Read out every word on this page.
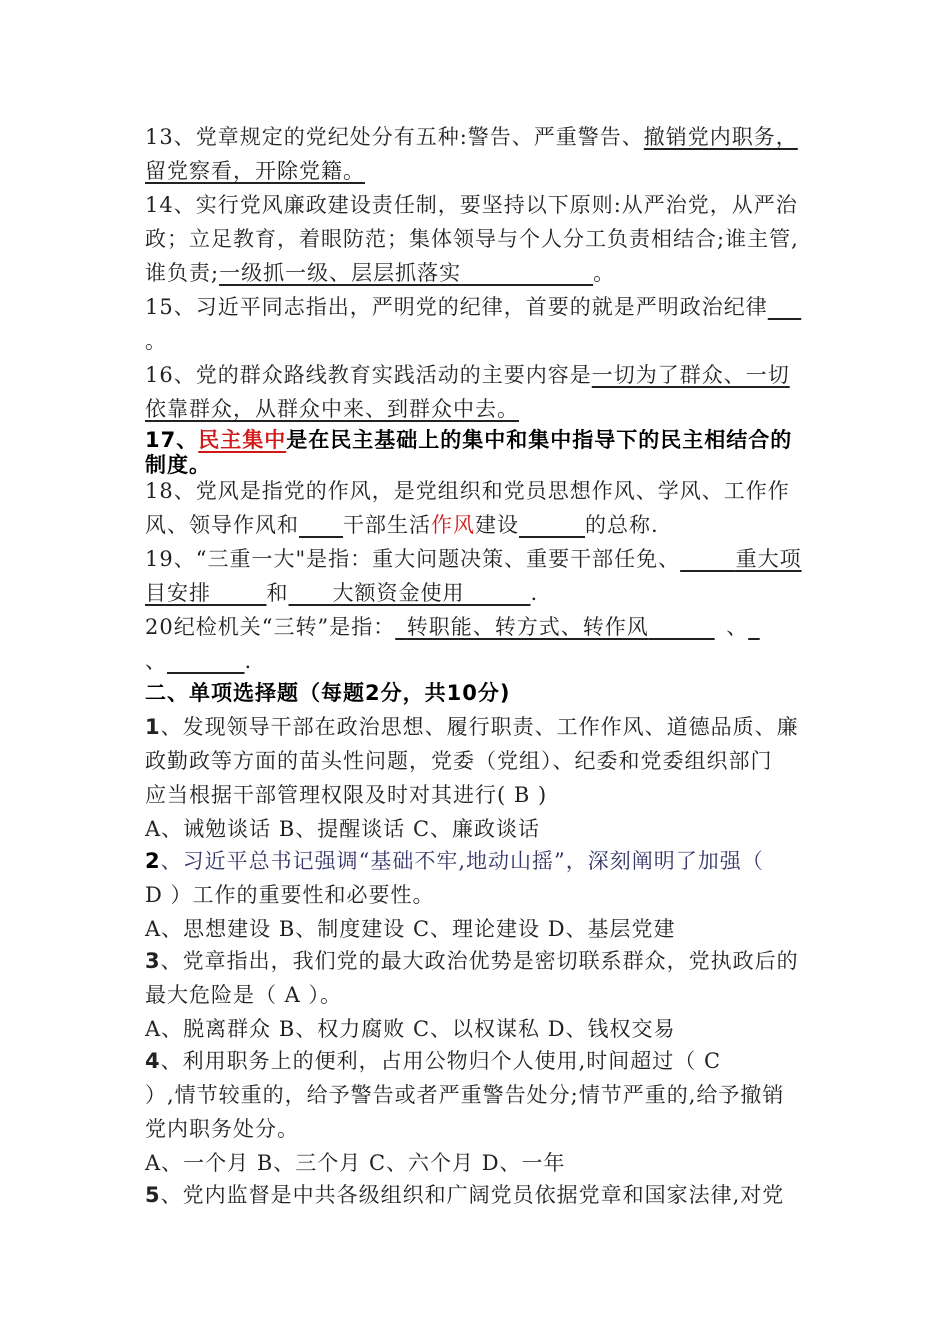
13、党章规定的党纪处分有五种:警告、严重警告、撤销党内职务，
留党察看，开除党籍。
14、实行党风廉政建设责任制，要坚持以下原则:从严治党，从严治
政；立足教育，着眼防范；集体领导与个人分工负责相结合;谁主管,
谁负责;一级抓一级、层层抓落实      	。
15、习近平同志指出，严明党的纪律，首要的就是严明政治纪律  
。
16、党的群众路线教育实践活动的主要内容是一切为了群众、一切
依靠群众，从群众中来、到群众中去。
17、民主集中是在民主基础上的集中和集中指导下的民主相结合的
制度。
18、党风是指党的作风，是党组织和党员思想作风、学风、工作作
风、领导作风和   干部生活作风建设   	的总称.
19、“三重一大"是指：重大问题决策、重要干部任免、   	重大项
目安排   	和   大额资金使用   	.
20纪检机关“三转”是指：  转职能、转方式、转作风    	、 
、    	.
二、单项选择题（每题2分，共10分)
1、发现领导干部在政治思想、履行职责、工作作风、道德品质、廉
政勤政等方面的苗头性问题，党委（党组）、纪委和党委组织部门
应当根据干部管理权限及时对其进行( B )
A、诫勉谈话 B、提醒谈话 C、廉政谈话
2、习近平总书记强调“基础不牢,地动山摇”，深刻阐明了加强（
D ）工作的重要性和必要性。
A、思想建设 B、制度建设 C、理论建设 D、基层党建
3、党章指出，我们党的最大政治优势是密切联系群众，党执政后的
最大危险是（ A ）。
A、脱离群众 B、权力腐败 C、以权谋私 D、钱权交易
4、利用职务上的便利，占用公物归个人使用,时间超过（ C
）,情节较重的，给予警告或者严重警告处分;情节严重的,给予撤销
党内职务处分。
A、一个月 B、三个月 C、六个月 D、一年
5、党内监督是中共各级组织和广阔党员依据党章和国家法律,对党
